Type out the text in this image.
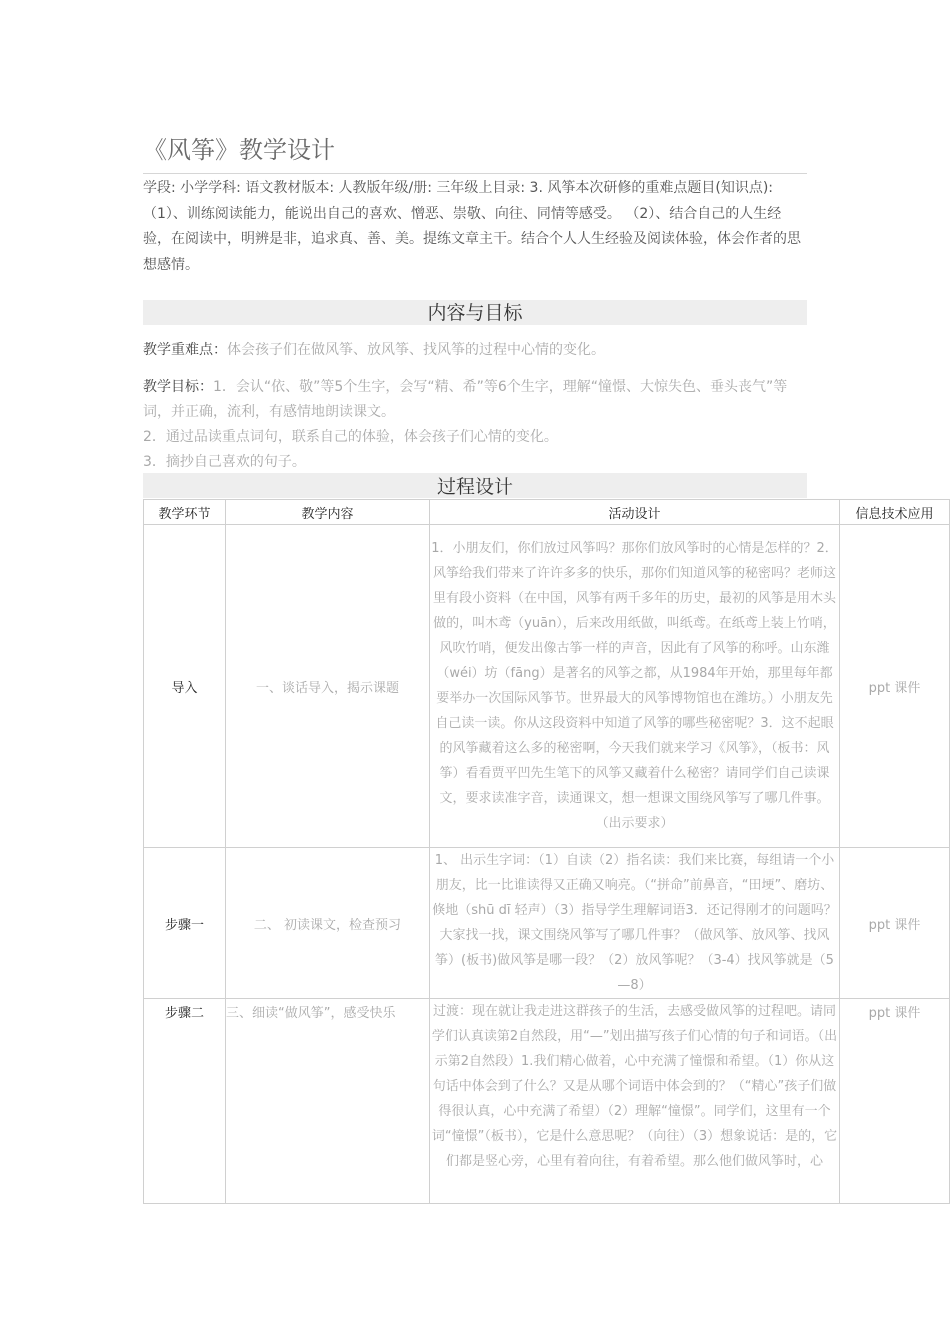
《风筝》教学设计
学段: 小学学科: 语文教材版本: 人教版年级/册: 三年级上目录: 3. 风筝本次研修的重难点题目(知识点): （1）、训练阅读能力，能说出自己的喜欢、憎恶、崇敬、向往、同情等感受。 （2）、结合自己的人生经验，在阅读中，明辨是非，追求真、善、美。提练文章主干。结合个人人生经验及阅读体验，体会作者的思想感情。
内容与目标
教学重难点：体会孩子们在做风筝、放风筝、找风筝的过程中心情的变化。
教学目标：1．会认“依、敬”等5个生字，会写“精、希”等6个生字，理解“憧憬、大惊失色、垂头丧气”等词，并正确，流利，有感情地朗读课文。
2．通过品读重点词句，联系自己的体验，体会孩子们心情的变化。
3．摘抄自己喜欢的句子。
过程设计
教学环节	教学内容	活动设计	信息技术应用
导入	一、谈话导入，揭示课题	1．小朋友们，你们放过风筝吗？那你们放风筝时的心情是怎样的？2．风筝给我们带来了许许多多的快乐，那你们知道风筝的秘密吗？老师这里有段小资料（在中国，风筝有两千多年的历史，最初的风筝是用木头做的，叫木鸢（yuān），后来改用纸做，叫纸鸢。在纸鸢上装上竹哨，风吹竹哨，便发出像古筝一样的声音，因此有了风筝的称呼。山东潍（wéi）坊（fāng）是著名的风筝之都，从1984年开始，那里每年都要举办一次国际风筝节。世界最大的风筝博物馆也在潍坊。）小朋友先自己读一读。你从这段资料中知道了风筝的哪些秘密呢？3．这不起眼的风筝藏着这么多的秘密啊，今天我们就来学习《风筝》，（板书：风筝）看看贾平凹先生笔下的风筝又藏着什么秘密？请同学们自己读课文，要求读准字音，读通课文，想一想课文围绕风筝写了哪几件事。（出示要求）	ppt 课件
步骤一	二、 初读课文，检查预习	1、 出示生字词：（1）自读（2）指名读：我们来比赛，每组请一个小朋友，比一比谁读得又正确又响亮。（“拼命”前鼻音，“田埂”、磨坊、倏地（shū dī 轻声）（3）指导学生理解词语3．还记得刚才的问题吗？大家找一找，课文围绕风筝写了哪几件事？（做风筝、放风筝、找风筝）(板书)做风筝是哪一段？（2）放风筝呢？（3-4）找风筝就是（5—8）	ppt 课件
步骤二	三、细读“做风筝”，感受快乐	过渡：现在就让我走进这群孩子的生活，去感受做风筝的过程吧。请同学们认真读第2自然段，用“—”划出描写孩子们心情的句子和词语。（出示第2自然段）1.我们精心做着，心中充满了憧憬和希望。（1）你从这句话中体会到了什么？又是从哪个词语中体会到的？（“精心”孩子们做得很认真，心中充满了希望）（2）理解“憧憬”。同学们，这里有一个词“憧憬”（板书），它是什么意思呢？（向往）（3）想象说话：是的，它们都是竖心旁，心里有着向往，有着希望。那么他们做风筝时，心	ppt 课件
